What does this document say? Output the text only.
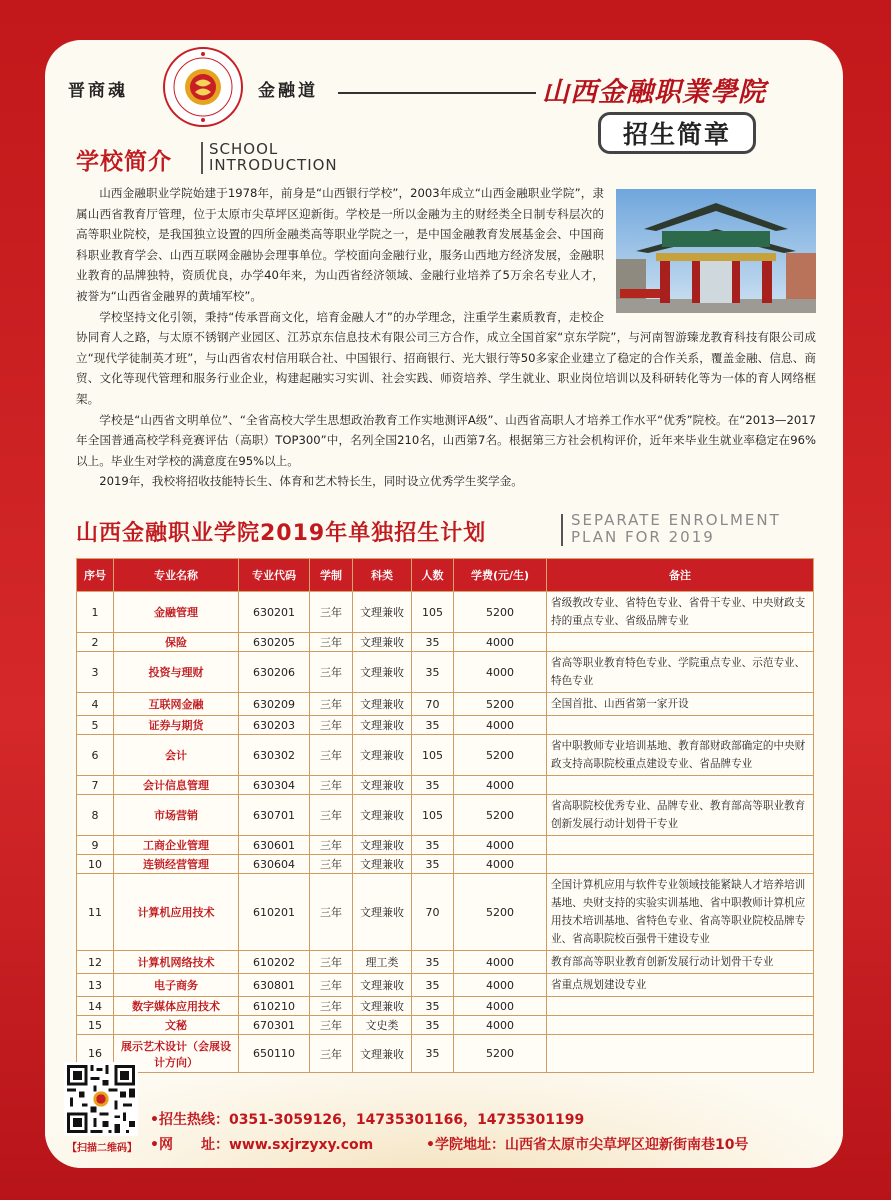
晋商魂	金融道	山西金融职業學院
招生简章
学校简介 SCHOOL
INTRODUCTION

山西金融职业学院始建于1978年，前身是“山西银行学校”，2003年成立“山西金融职业学院”，隶属山西省教育厅管理，位于太原市尖草坪区迎新街。学校是一所以金融为主的财经类全日制专科层次的高等职业院校，是我国独立设置的四所金融类高等职业学院之一，是中国金融教育发展基金会、中国商科职业教育学会、山西互联网金融协会理事单位。学校面向金融行业，服务山西地方经济发展，金融职业教育的品牌独特，资质优良，办学40年来，为山西省经济领域、金融行业培养了5万余名专业人才，被誉为“山西省金融界的黄埔军校”。

学校坚持文化引领，秉持“传承晋商文化，培育金融人才”的办学理念，注重学生素质教育，走校企协同育人之路，与太原不锈钢产业园区、江苏京东信息技术有限公司三方合作，成立全国首家“京东学院”，与河南智游臻龙教育科技有限公司成立“现代学徒制英才班”，与山西省农村信用联合社、中国银行、招商银行、光大银行等50多家企业建立了稳定的合作关系，覆盖金融、信息、商贸、文化等现代管理和服务行业企业，构建起融实习实训、社会实践、师资培养、学生就业、职业岗位培训以及科研转化等为一体的育人网络框架。

学校是“山西省文明单位”、“全省高校大学生思想政治教育工作实地测评A级”、山西省高职人才培养工作水平“优秀”院校。在“2013—2017年全国普通高校学科竞赛评估（高职）TOP300”中，名列全国210名，山西第7名。根据第三方社会机构评价，近年来毕业生就业率稳定在96%以上。毕业生对学校的满意度在95%以上。

2019年，我校将招收技能特长生、体育和艺术特长生，同时设立优秀学生奖学金。

山西金融职业学院2019年单独招生计划
SEPARATE ENROLMENT
PLAN FOR 2019
序号	专业名称	专业代码	学制	科类	人数	学费(元/生)	备注
1	金融管理	630201	三年	文理兼收	105	5200	省级教改专业、省特色专业、省骨干专业、中央财政支持的重点专业、省级品牌专业
2	保险	630205	三年	文理兼收	35	4000	
3	投资与理财	630206	三年	文理兼收	35	4000	省高等职业教育特色专业、学院重点专业、示范专业、特色专业
4	互联网金融	630209	三年	文理兼收	70	5200	全国首批、山西省第一家开设
5	证券与期货	630203	三年	文理兼收	35	4000	
6	会计	630302	三年	文理兼收	105	5200	省中职教师专业培训基地、教育部财政部确定的中央财政支持高职院校重点建设专业、省品牌专业
7	会计信息管理	630304	三年	文理兼收	35	4000	
8	市场营销	630701	三年	文理兼收	105	5200	省高职院校优秀专业、品牌专业、教育部高等职业教育创新发展行动计划骨干专业
9	工商企业管理	630601	三年	文理兼收	35	4000	
10	连锁经营管理	630604	三年	文理兼收	35	4000	
11	计算机应用技术	610201	三年	文理兼收	70	5200	全国计算机应用与软件专业领域技能紧缺人才培养培训基地、央财支持的实验实训基地、省中职教师计算机应用技术培训基地、省特色专业、省高等职业院校品牌专业、省高职院校百强骨干建设专业
12	计算机网络技术	610202	三年	理工类	35	4000	教育部高等职业教育创新发展行动计划骨干专业
13	电子商务	630801	三年	文理兼收	35	4000	省重点规划建设专业
14	数字媒体应用技术	610210	三年	文理兼收	35	4000	
15	文秘	670301	三年	文史类	35	4000	
16	展示艺术设计（会展设计方向）	650110	三年	文理兼收	35	5200	
【扫描二维码】
•招生热线：0351-3059126，14735301166，14735301199
•网　　址：www.sxjrzyxy.com	•学院地址：山西省太原市尖草坪区迎新街南巷10号
